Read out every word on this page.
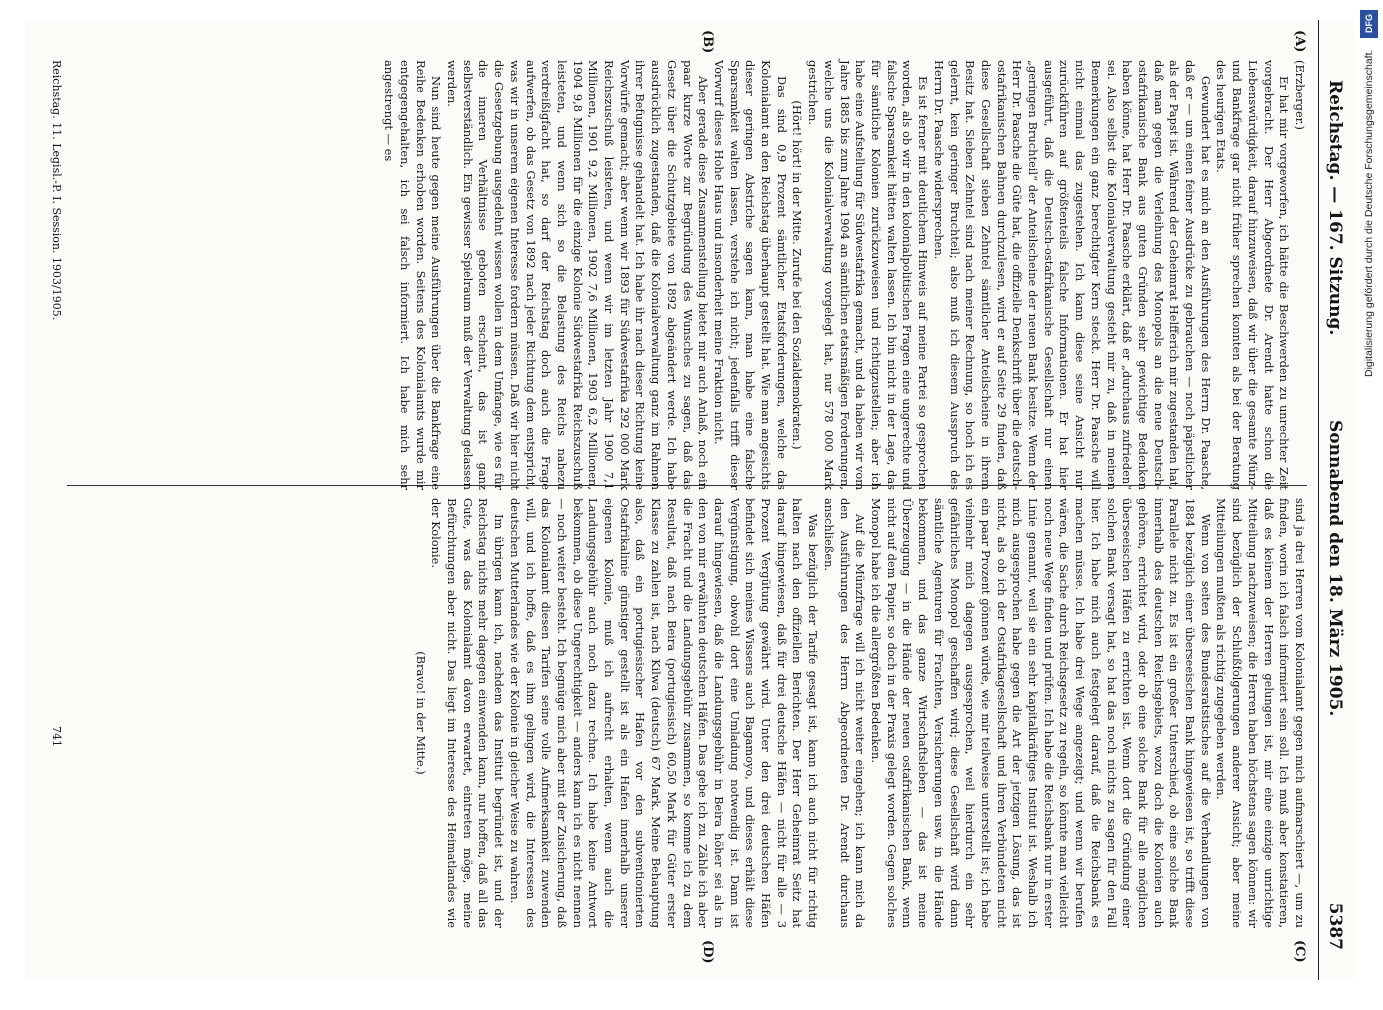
Reichstag. — 167. Sitzung.
Sonnabend den 18. März 1905.
5387
(A)
(B)
(C)
(D)

(Erzberger.)

Er hat mir vorgeworfen, ich hätte die Beschwerden zu unrechter Zeit vorgebracht. Der Herr Abgeordnete Dr. Arendt hatte schon die Liebenswürdigkeit, darauf hinzuweisen, daß wir über die gesamte Münz- und Bankfrage gar nicht früher sprechen konnten als bei der Beratung des heurigen Etats.

Gewundert hat es mich an den Ausführungen des Herrn Dr. Paasche, daß er — um einen feiner Ausdrücke zu gebrauchen — noch päpstlicher als der Papst ist. Während der Geheimrat Helfferich mir zugestanden hat, daß man gegen die Verleihung des Monopols an die neue Deutsch-ostafrikanische Bank aus guten Gründen sehr gewichtige Bedenken haben könne, hat Herr Dr. Paasche erklärt, daß er „durchaus zufrieden“ sei. Also selbst die Kolonialverwaltung gesteht mir zu, daß in meinen Bemerkungen ein ganz berechtigter Kern steckt. Herr Dr. Paasche will nicht einmal das zugestehen. Ich kann diese seine Ansicht nur zurückführen auf größtenteils falsche Informationen. Er hat hier ausgeführt, daß die Deutsch-ostafrikanische Gesellschaft nur einen „geringen Bruchteil“ der Anteilscheine der neuen Bank besitze. Wenn der Herr Dr. Paasche die Güte hat, die offizielle Denkschrift über die deutsch-ostafrikanischen Bahnen durchzulesen, wird er auf Seite 29 finden, daß diese Gesellschaft sieben Zehntel sämtlicher Anteilscheine in ihrem Besitz hat. Sieben Zehntel sind nach meiner Rechnung, so hoch ich es gelernt, kein geringer Bruchteil; also muß ich diesem Ausspruch des Herrn Dr. Paasche widersprechen.

Es ist ferner mit deutlichem Hinweis auf meine Partei so gesprochen worden, als ob wir in den kolonialpolitischen Fragen eine ungerechte und falsche Sparsamkeit hätten walten lassen. Ich bin nicht in der Lage, das für sämtliche Kolonien zurückzuweisen und richtigzustellen; aber ich habe eine Aufstellung für Südwestafrika gemacht, und da haben wir vom Jahre 1885 bis zum Jahre 1904 an sämtlichen etatsmäßigen Forderungen, welche uns die Kolonialverwaltung vorgelegt hat, nur 578 000 Mark gestrichen.

(Hört! hört! in der Mitte. Zurufe bei den Sozialdemokraten.)

Das sind 0,9 Prozent sämtlicher Etatsforderungen, welche das Kolonialamt an den Reichstag überhaupt gestellt hat. Wie man angesichts dieser geringen Abstriche sagen kann, man habe eine falsche Sparsamkeit walten lassen, verstehe ich nicht; jedenfalls trifft dieser Vorwurf dieses Hohe Haus und insonderheit meine Fraktion nicht.

Aber gerade diese Zusammenstellung bietet mir auch Anlaß, noch ein paar kurze Worte zur Begründung des Wunsches zu sagen, daß das Gesetz über die Schutzgebiete von 1892 abgeändert werde. Ich habe ausdrücklich zugestanden, daß die Kolonialverwaltung ganz im Rahmen ihrer Befugnisse gehandelt hat. Ich habe ihr nach dieser Richtung keine Vorwürfe gemacht; aber wenn wir 1893 für Südwestafrika 292 000 Mark Reichszuschuß leisteten, und wenn wir im letzten Jahr 1900 7,1 Millionen, 1901 9,2 Millionen, 1902 7,6 Millionen, 1903 6,2 Millionen, 1904 9,8 Millionen für die einzige Kolonie Südwestafrika Reichszuschuß leisteten, und wenn sich so die Belastung des Reichs nahezu verdreißigfacht hat, so darf der Reichstag doch auch die Frage aufwerfen, ob das Gesetz von 1892 nach jeder Richtung dem entspricht, was wir in unserem eigenen Interesse fordern müssen. Daß wir hier nicht die Gesetzgebung ausgedehnt wissen wollen in dem Umfange, wie es für die inneren Verhältnisse geboten erscheint, das ist ganz selbstverständlich. Ein gewisser Spielraum muß der Verwaltung gelassen werden.

Nun sind heute gegen meine Ausführungen über die Bankfrage eine Reihe Bedenken erhoben worden. Seitens des Kolonialamts wurde mir entgegengehalten, ich sei falsch informiert. Ich habe mich sehr angestrengt — es

sind ja drei Herren vom Kolonialamt gegen mich aufmarschiert —, um zu finden, worin ich falsch informiert sein soll. Ich muß aber konstatieren, daß es keinem der Herren gelungen ist, mir eine einzige unrichtige Mitteilung nachzuweisen; die Herren haben höchstens sagen können: wir sind bezüglich der Schlußfolgerungen anderer Ansicht; aber meine Mitteilungen mußten als richtig zugegeben werden.

Wenn von seiten des Bundesratstisches auf die Verhandlungen von 1884 bezüglich einer überseeischen Bank hingewiesen ist, so trifft diese Parallele nicht zu. Es ist ein großer Unterschied, ob eine solche Bank innerhalb des deutschen Reichsgebiets, wozu doch die Kolonien auch gehören, errichtet wird, oder ob eine solche Bank für alle möglichen überseeischen Häfen zu errichten ist. Wenn dort die Gründung einer solchen Bank versagt hat, so hat das noch nichts zu sagen für den Fall hier. Ich habe mich auch festgelegt darauf, daß die Reichsbank es machen müsse. Ich habe drei Wege angezeigt; und wenn wir berufen wären, die Sache durch Reichsgesetz zu regeln, so könnte man vielleicht noch neue Wege finden und prüfen. Ich habe die Reichsbank nur in erster Linie genannt, weil sie ein sehr kapitalkräftiges Institut ist. Weshalb ich mich ausgesprochen habe gegen die Art der jetzigen Lösung, das ist nicht, als ob ich der Ostafrikagesellschaft und ihren Verbündeten nicht ein paar Prozent gönnen würde, wie mir teilweise unterstellt ist; ich habe vielmehr mich dagegen ausgesprochen, weil hierdurch ein sehr gefährliches Monopol geschaffen wird; diese Gesellschaft wird dann sämtliche Agenturen für Frachten, Versicherungen usw. in die Hände bekommen, und das ganze Wirtschaftsleben — das ist meine Überzeugung — in die Hände der neuen ostafrikanischen Bank, wenn nicht auf dem Papier, so doch in der Praxis gelegt worden. Gegen solches Monopol habe ich die allergrößten Bedenken.

Auf die Münzfrage will ich nicht weiter eingehen; ich kann mich da den Ausführungen des Herrn Abgeordneten Dr. Arendt durchaus anschließen.

Was bezüglich der Tarife gesagt ist, kann ich auch nicht für richtig halten nach den offiziellen Berichten. Der Herr Geheimrat Seitz hat darauf hingewiesen, daß für drei deutsche Häfen — nicht für alle — 3 Prozent Vergütung gewährt wird. Unter den drei deutschen Häfen befindet sich meines Wissens auch Bagamoyo, und dieses erhält diese Vergünstigung, obwohl dort eine Umladung notwendig ist. Dann ist darauf hingewiesen, daß die Landungsgebühr in Beira höher sei als in den von mir erwähnten deutschen Häfen. Das gebe ich zu. Zähle ich aber die Fracht und die Landungsgebühr zusammen, so komme ich zu dem Resultat, daß nach Beira (portugiesisch) 60,50 Mark für Güter erster Klasse zu zahlen ist, nach Kilwa (deutsch) 67 Mark. Meine Behauptung also, daß ein portugiesischer Hafen vor den subventionierten Ostafrikalinie günstiger gestellt ist als ein Hafen innerhalb unserer eigenen Kolonie, muß ich aufrecht erhalten, wenn auch die Landungsgebühr auch noch dazu rechne. Ich habe keine Antwort bekommen, ob diese Ungerechtigkeit — anders kann ich es nicht nennen — noch weiter besteht. Ich begnüge mich aber mit der Zusicherung, daß das Kolonialamt diesen Tarifen seine volle Aufmerksamkeit zuwenden will, und ich hoffe, daß es ihm gelingen wird, die Interessen des deutschen Mutterlandes wie der Kolonie in gleicher Weise zu wahren.

Im übrigen kann ich, nachdem das Institut begründet ist, und der Reichstag nichts mehr dagegen einwenden kann, nur hoffen, daß all das Gute, was das Kolonialamt davon erwartet, eintreten möge, meine Befürchtungen aber nicht. Das liegt im Interesse des Heimatlandes wie der Kolonie.

(Bravo! in der Mitte.)

Reichstag. 11. Legisl.-P. I. Session. 1903/1905.
741
DFG
Digitalisierung gefördert durch die Deutsche Forschungsgemeinschaft.
